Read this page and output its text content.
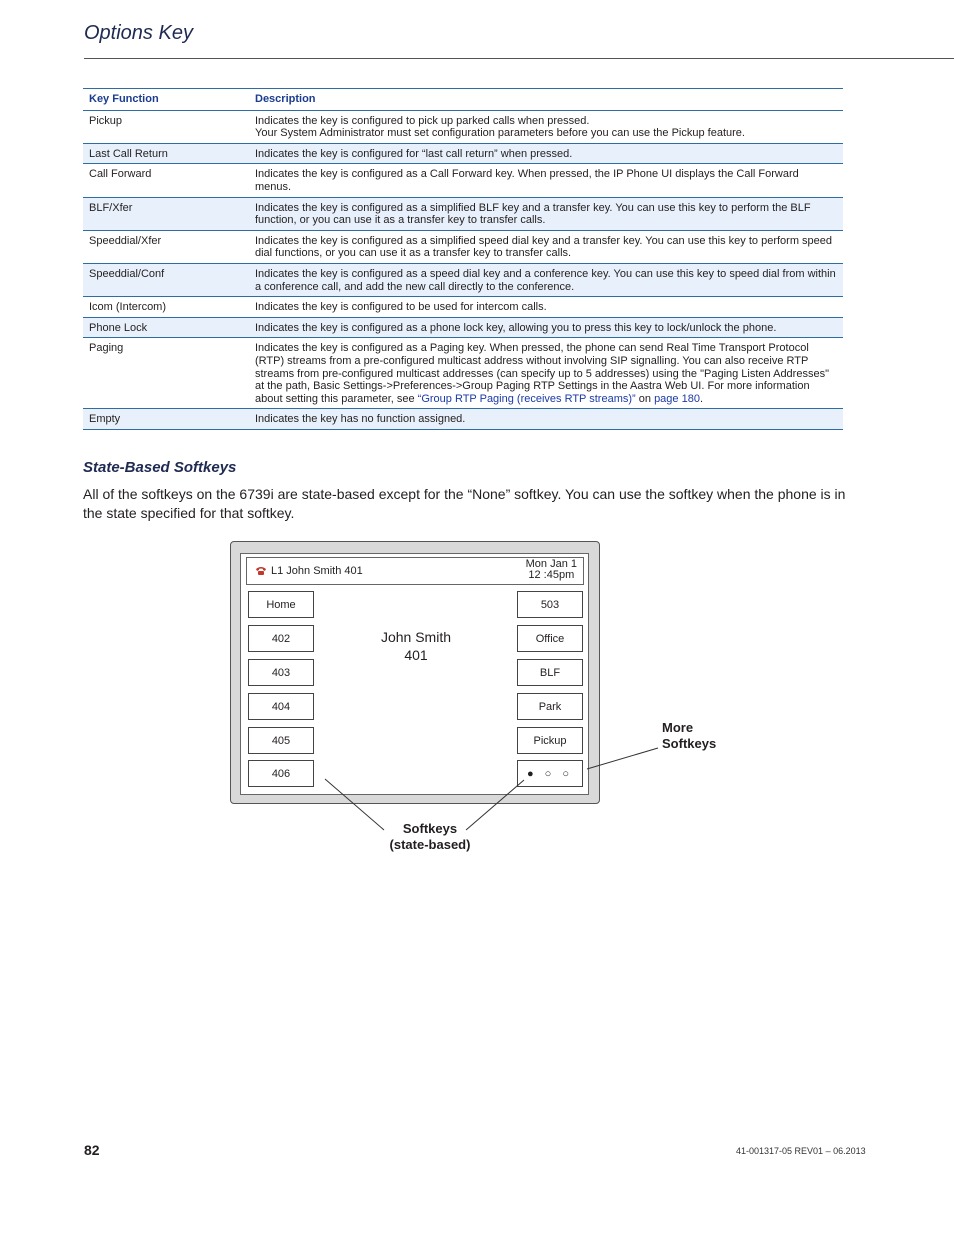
Options Key
Key Function	Description
Pickup	Indicates the key is configured to pick up parked calls when pressed.
Your System Administrator must set configuration parameters before you can use the Pickup feature.

Last Call Return	Indicates the key is configured for “last call return” when pressed.
Call Forward	Indicates the key is configured as a Call Forward key. When pressed, the IP Phone UI displays the Call Forward menus.
BLF/Xfer	Indicates the key is configured as a simplified BLF key and a transfer key. You can use this key to perform the BLF function, or you can use it as a transfer key to transfer calls.
Speeddial/Xfer	Indicates the key is configured as a simplified speed dial key and a transfer key. You can use this key to perform speed dial functions, or you can use it as a transfer key to transfer calls.
Speeddial/Conf	Indicates the key is configured as a speed dial key and a conference key. You can use this key to speed dial from within a conference call, and add the new call directly to the conference.
Icom (Intercom)	Indicates the key is configured to be used for intercom calls.
Phone Lock	Indicates the key is configured as a phone lock key, allowing you to press this key to lock/unlock the phone.
Paging	Indicates the key is configured as a Paging key. When pressed, the phone can send Real Time Transport Protocol (RTP) streams from a pre-configured multicast address without involving SIP signalling. You can also receive RTP streams from pre-configured multicast addresses (can specify up to 5 addresses) using the "Paging Listen Addresses" at the path, Basic Settings->Preferences->Group Paging RTP Settings in the Aastra Web UI. For more information about setting this parameter, see “Group RTP Paging (receives RTP streams)” on page 180.
Empty	Indicates the key has no function assigned.
State-Based Softkeys
All of the softkeys on the 6739i are state-based except for the “None” softkey. You can use the softkey when the phone is in the state specified for that softkey.
L1 John Smith 401
Mon Jan 1
12 :45pm
Home
402
403
404
405
406
503
Office
BLF
Park
Pickup
● ○ ○
John Smith
401
More
Softkeys
Softkeys
(state-based)
82	41-001317-05 REV01 – 06.2013
